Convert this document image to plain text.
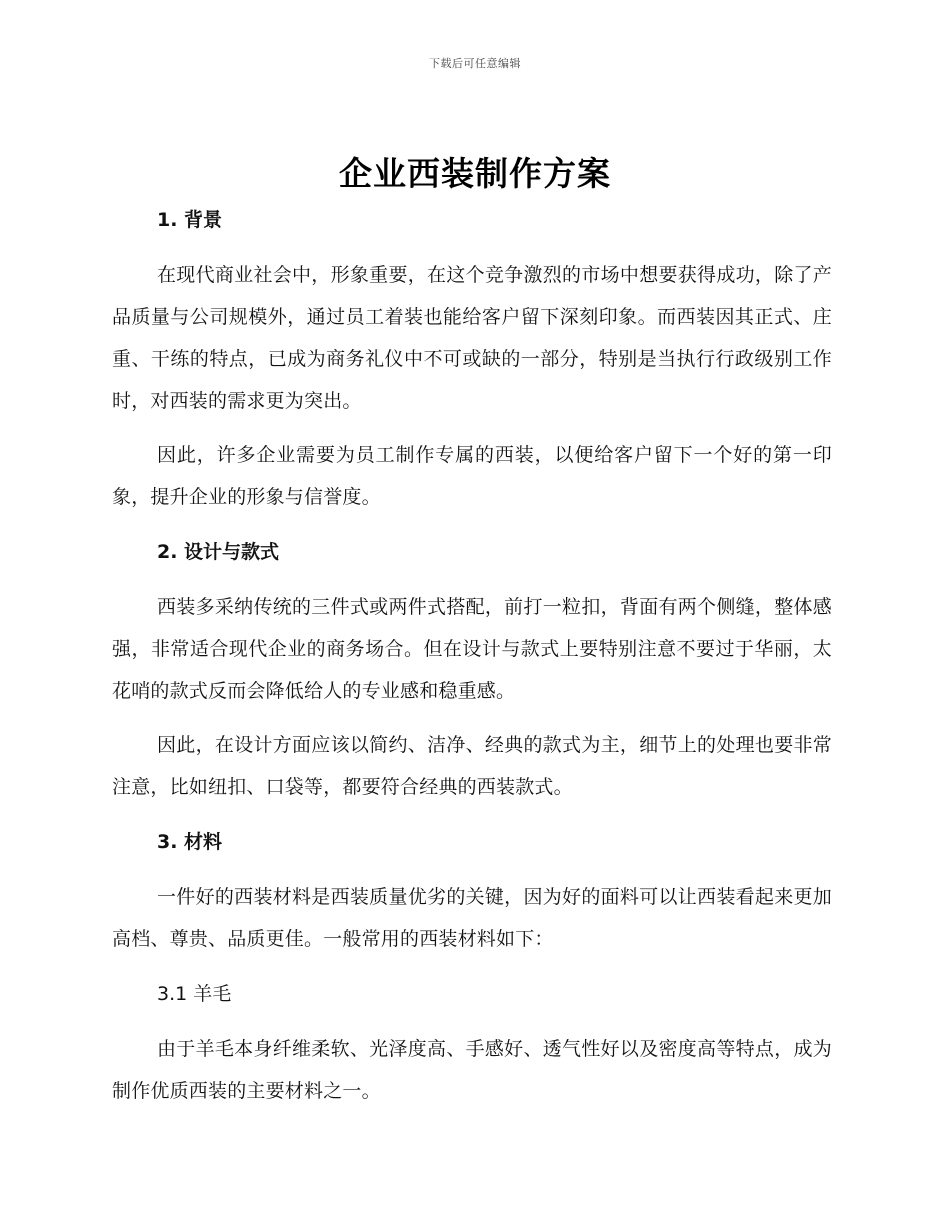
下载后可任意编辑
企业西装制作方案
1. 背景

在现代商业社会中，形象重要，在这个竞争激烈的市场中想要获得成功，除了产品质量与公司规模外，通过员工着装也能给客户留下深刻印象。而西装因其正式、庄重、干练的特点，已成为商务礼仪中不可或缺的一部分，特别是当执行行政级别工作时，对西装的需求更为突出。

因此，许多企业需要为员工制作专属的西装，以便给客户留下一个好的第一印象，提升企业的形象与信誉度。

2. 设计与款式

西装多采纳传统的三件式或两件式搭配，前打一粒扣，背面有两个侧缝，整体感强，非常适合现代企业的商务场合。但在设计与款式上要特别注意不要过于华丽，太花哨的款式反而会降低给人的专业感和稳重感。

因此，在设计方面应该以简约、洁净、经典的款式为主，细节上的处理也要非常注意，比如纽扣、口袋等，都要符合经典的西装款式。

3. 材料

一件好的西装材料是西装质量优劣的关键，因为好的面料可以让西装看起来更加高档、尊贵、品质更佳。一般常用的西装材料如下：

3.1 羊毛

由于羊毛本身纤维柔软、光泽度高、手感好、透气性好以及密度高等特点，成为制作优质西装的主要材料之一。
